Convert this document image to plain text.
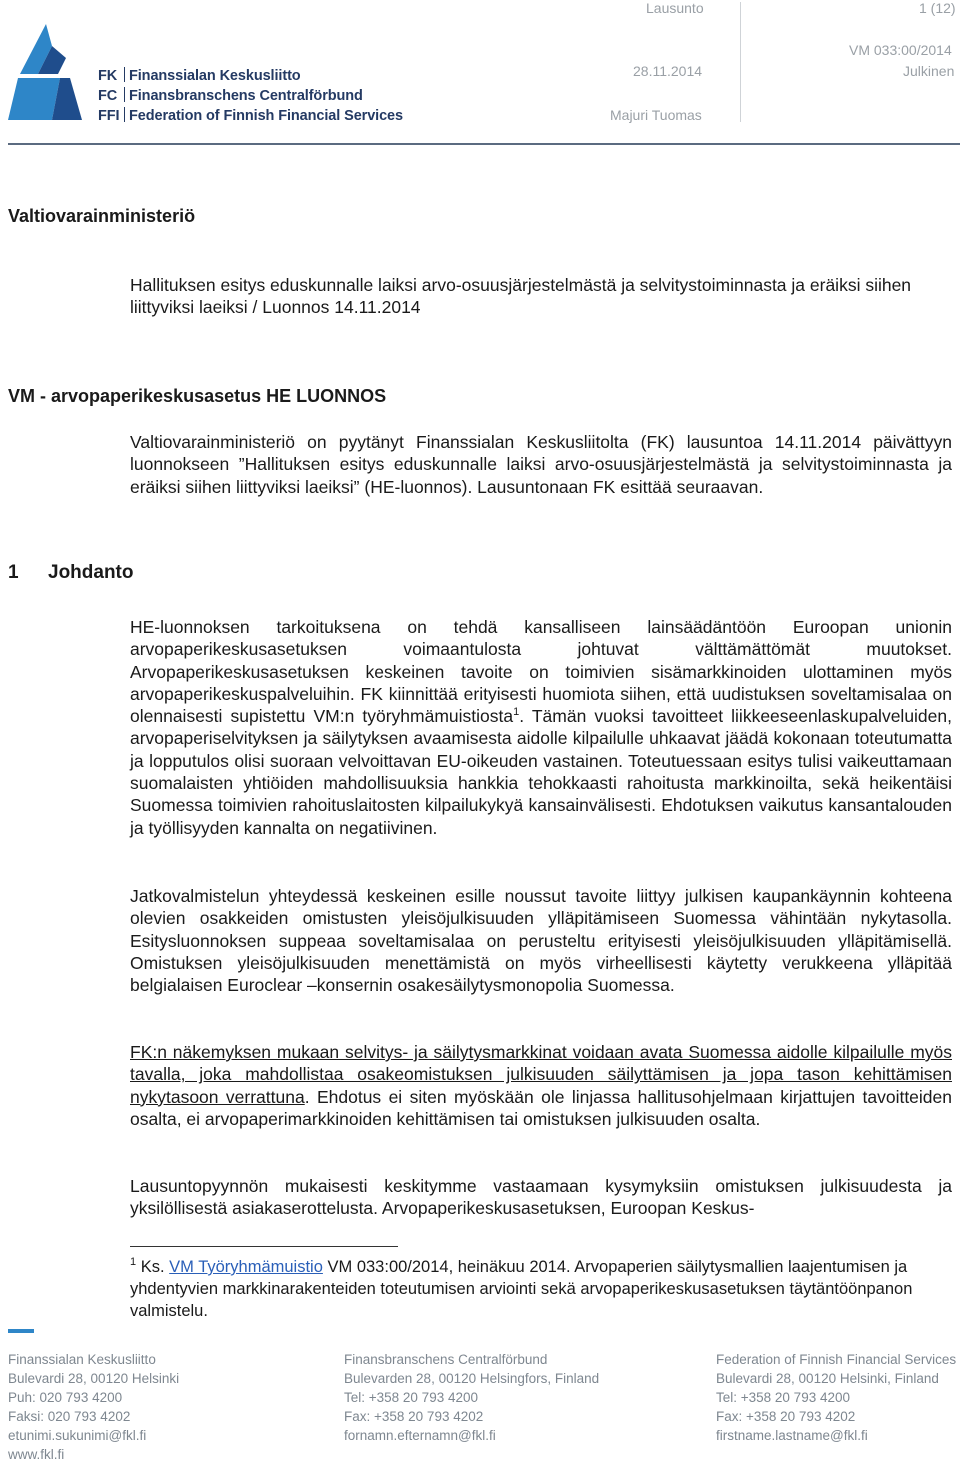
FK Finanssialan Keskusliitto
FC Finansbranschens Centralförbund
FFI Federation of Finnish Financial Services
Lausunto	1 (12)
28.11.2014
VM 033:00/2014
Julkinen
Majuri Tuomas
Valtiovarainministeriö

Hallituksen esitys eduskunnalle laiksi arvo-osuusjärjestelmästä ja selvitystoiminnasta ja eräiksi siihen liittyviksi laeiksi / Luonnos 14.11.2014

VM - arvopaperikeskusasetus HE LUONNOS

Valtiovarainministeriö on pyytänyt Finanssialan Keskusliitolta (FK) lausuntoa 14.11.2014 päivättyyn luonnokseen ”Hallituksen esitys eduskunnalle laiksi arvo-osuusjärjestelmästä ja selvitystoiminnasta ja eräiksi siihen liittyviksi laeiksi” (HE-luonnos). Lausuntonaan FK esittää seuraavan.

1 Johdanto

HE-luonnoksen tarkoituksena on tehdä kansalliseen lainsäädäntöön Euroopan unionin arvopaperikeskusasetuksen voimaantulosta johtuvat välttämättömät muutokset. Arvopaperikeskusasetuksen keskeinen tavoite on toimivien sisämarkkinoiden ulottaminen myös arvopaperikeskuspalveluihin. FK kiinnittää erityisesti huomiota siihen, että uudistuksen soveltamisalaa on olennaisesti supistettu VM:n työryhmämuistiosta$^1$. Tämän vuoksi tavoitteet liikkeeseenlaskupalveluiden, arvopaperiselvityksen ja säilytyksen avaamisesta aidolle kilpailulle uhkaavat jäädä kokonaan toteutumatta ja lopputulos olisi suoraan velvoittavan EU-oikeuden vastainen. Toteutuessaan esitys tulisi vaikeuttamaan suomalaisten yhtiöiden mahdollisuuksia hankkia tehokkaasti rahoitusta markkinoilta, sekä heikentäisi Suomessa toimivien rahoituslaitosten kilpailukykyä kansainvälisesti. Ehdotuksen vaikutus kansantalouden ja työllisyyden kannalta on negatiivinen.

Jatkovalmistelun yhteydessä keskeinen esille noussut tavoite liittyy julkisen kaupankäynnin kohteena olevien osakkeiden omistusten yleisöjulkisuuden ylläpitämiseen Suomessa vähintään nykytasolla. Esitysluonnoksen suppeaa soveltamisalaa on perusteltu erityisesti yleisöjulkisuuden ylläpitämisellä. Omistuksen yleisöjulkisuuden menettämistä on myös virheellisesti käytetty verukkeena ylläpitää belgialaisen Euroclear –konsernin osakesäilytysmonopolia Suomessa.

FK:n näkemyksen mukaan selvitys- ja säilytysmarkkinat voidaan avata Suomessa aidolle kilpailulle myös tavalla, joka mahdollistaa osakeomistuksen julkisuuden säilyttämisen ja jopa tason kehittämisen nykytasoon verrattuna. Ehdotus ei siten myöskään ole linjassa hallitusohjelmaan kirjattujen tavoitteiden osalta, ei arvopaperimarkkinoiden kehittämisen tai omistuksen julkisuuden osalta.

Lausuntopyynnön mukaisesti keskitymme vastaamaan kysymyksiin omistuksen julkisuudesta ja yksilöllisestä asiakaserottelusta. Arvopaperikeskusasetuksen, Euroopan Keskus-

$^1$ Ks. VM Työryhmämuistio VM 033:00/2014, heinäkuu 2014. Arvopaperien säilytysmallien laajentumisen ja yhdentyvien markkinarakenteiden toteutumisen arviointi sekä arvopaperikeskusasetuksen täytäntöönpanon valmistelu.
Finanssialan Keskusliitto
Bulevardi 28, 00120 Helsinki
Puh: 020 793 4200
Faksi: 020 793 4202
etunimi.sukunimi@fkl.fi
www.fkl.fi
Finansbranschens Centralförbund
Bulevarden 28, 00120 Helsingfors, Finland
Tel: +358 20 793 4200
Fax: +358 20 793 4202
fornamn.efternamn@fkl.fi
Federation of Finnish Financial Services
Bulevardi 28, 00120 Helsinki, Finland
Tel: +358 20 793 4200
Fax: +358 20 793 4202
firstname.lastname@fkl.fi
